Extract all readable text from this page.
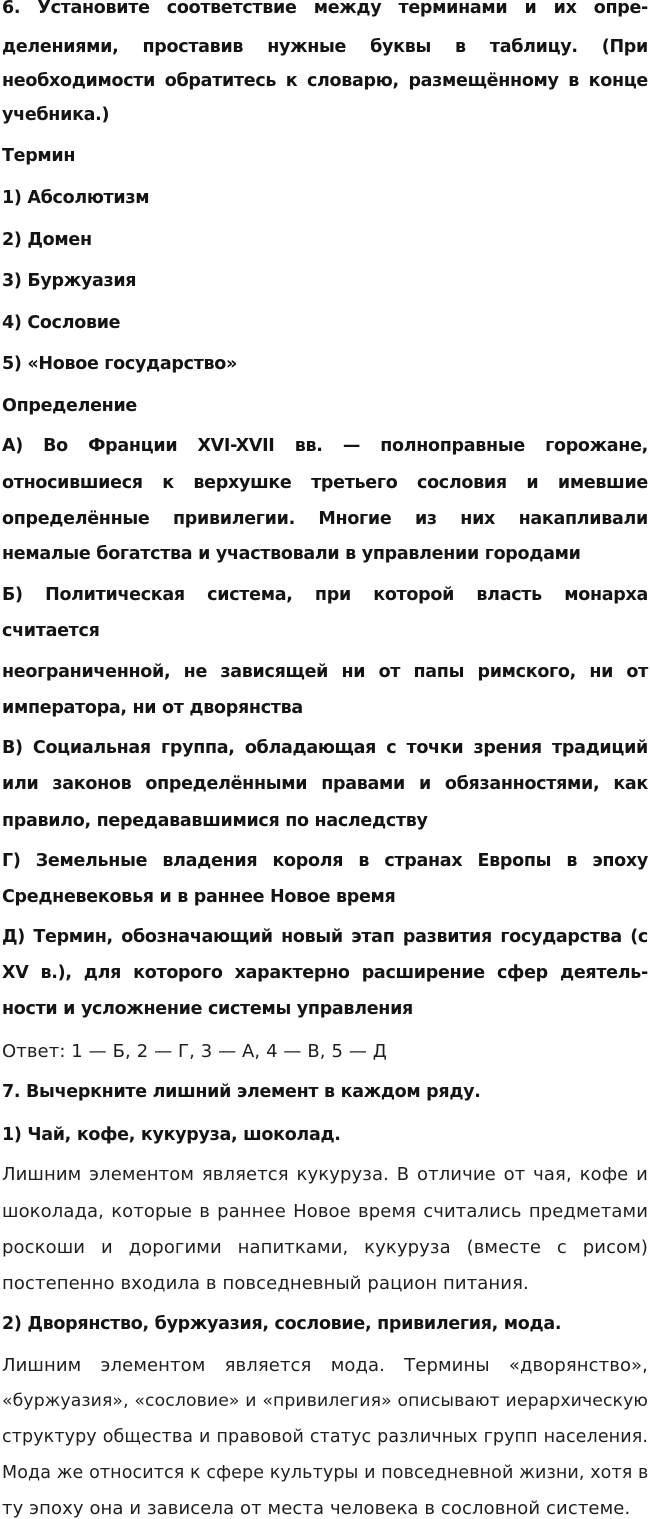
6. Установите соответствие между терминами и их опре-

делениями, проставив нужные буквы в таблицу. (При

необходимости обратитесь к словарю, размещённому в конце

учебника.)

Термин

1) Абсолютизм

2) Домен

3) Буржуазия

4) Сословие

5) «Новое государство»

Определение

А) Во Франции XVI-XVII вв. — полноправные горожане,

относившиеся к верхушке третьего сословия и имевшие

определённые привилегии. Многие из них накапливали

немалые богатства и участвовали в управлении городами

Б) Политическая система, при которой власть монарха

считается

неограниченной, не зависящей ни от папы римского, ни от

императора, ни от дворянства

В) Социальная группа, обладающая с точки зрения традиций

или законов определёнными правами и обязанностями, как

правило, передававшимися по наследству

Г) Земельные владения короля в странах Европы в эпоху

Средневековья и в раннее Новое время

Д) Термин, обозначающий новый этап развития государства (с

XV в.), для которого характерно расширение сфер деятель-

ности и усложнение системы управления

Ответ: 1 — Б, 2 — Г, 3 — А, 4 — В, 5 — Д

7. Вычеркните лишний элемент в каждом ряду.

1) Чай, кофе, кукуруза, шоколад.

Лишним элементом является кукуруза. В отличие от чая, кофе и

шоколада, которые в раннее Новое время считались предметами

роскоши и дорогими напитками, кукуруза (вместе с рисом)

постепенно входила в повседневный рацион питания.

2) Дворянство, буржуазия, сословие, привилегия, мода.

Лишним элементом является мода. Термины «дворянство»,

«буржуазия», «сословие» и «привилегия» описывают иерархическую

структуру общества и правовой статус различных групп населения.

Мода же относится к сфере культуры и повседневной жизни, хотя в

ту эпоху она и зависела от места человека в сословной системе.
